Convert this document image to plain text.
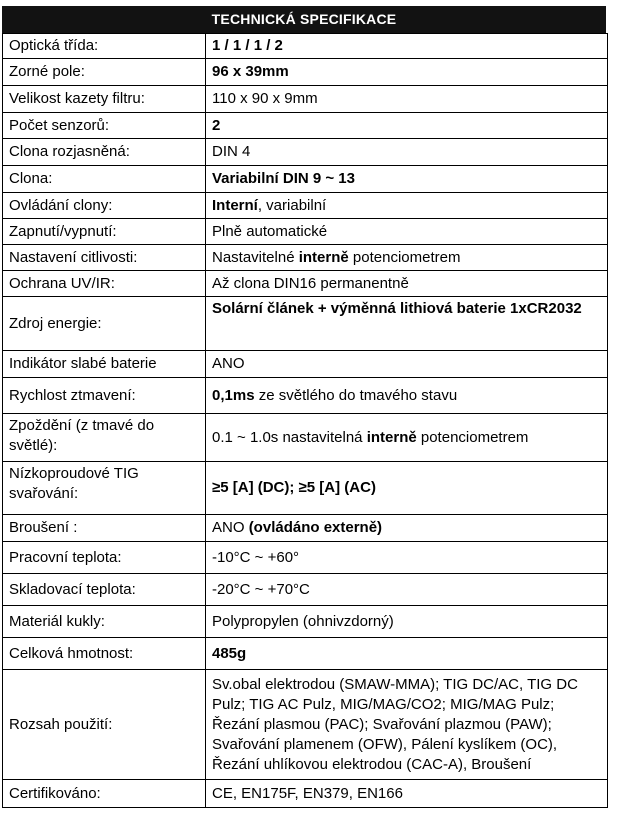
TECHNICKÁ SPECIFIKACE
Optická třída:	1 / 1 / 1 / 2
Zorné pole:	96 x 39mm
Velikost kazety filtru:	110 x 90 x 9mm
Počet senzorů:	2
Clona rozjasněná:	DIN 4
Clona:	Variabilní DIN 9 ~ 13
Ovládání clony:	Interní, variabilní
Zapnutí/vypnutí:	Plně automatické
Nastavení citlivosti:	Nastavitelné interně potenciometrem
Ochrana UV/IR:	Až clona DIN16 permanentně
Zdroj energie:	Solární článek + výměnná lithiová baterie 1xCR2032
Indikátor slabé baterie	ANO
Rychlost ztmavení:	0,1ms ze světlého do tmavého stavu
Zpoždění (z tmavé do světlé):	0.1 ~ 1.0s nastavitelná interně potenciometrem
Nízkoproudové TIG svařování:	≥5 [A] (DC); ≥5 [A] (AC)
Broušení :	ANO (ovládáno externě)
Pracovní teplota:	-10°C ~ +60°
Skladovací teplota:	-20°C ~ +70°C
Materiál kukly:	Polypropylen (ohnivzdorný)
Celková hmotnost:	485g
Rozsah použití:	Sv.obal elektrodou (SMAW-MMA); TIG DC/AC, TIG DC Pulz; TIG AC Pulz, MIG/MAG/CO2; MIG/MAG Pulz; Řezání plasmou (PAC); Svařování plazmou (PAW); Svařování plamenem (OFW), Pálení kyslíkem (OC), Řezání uhlíkovou elektrodou (CAC-A), Broušení
Certifikováno:	CE, EN175F, EN379, EN166
